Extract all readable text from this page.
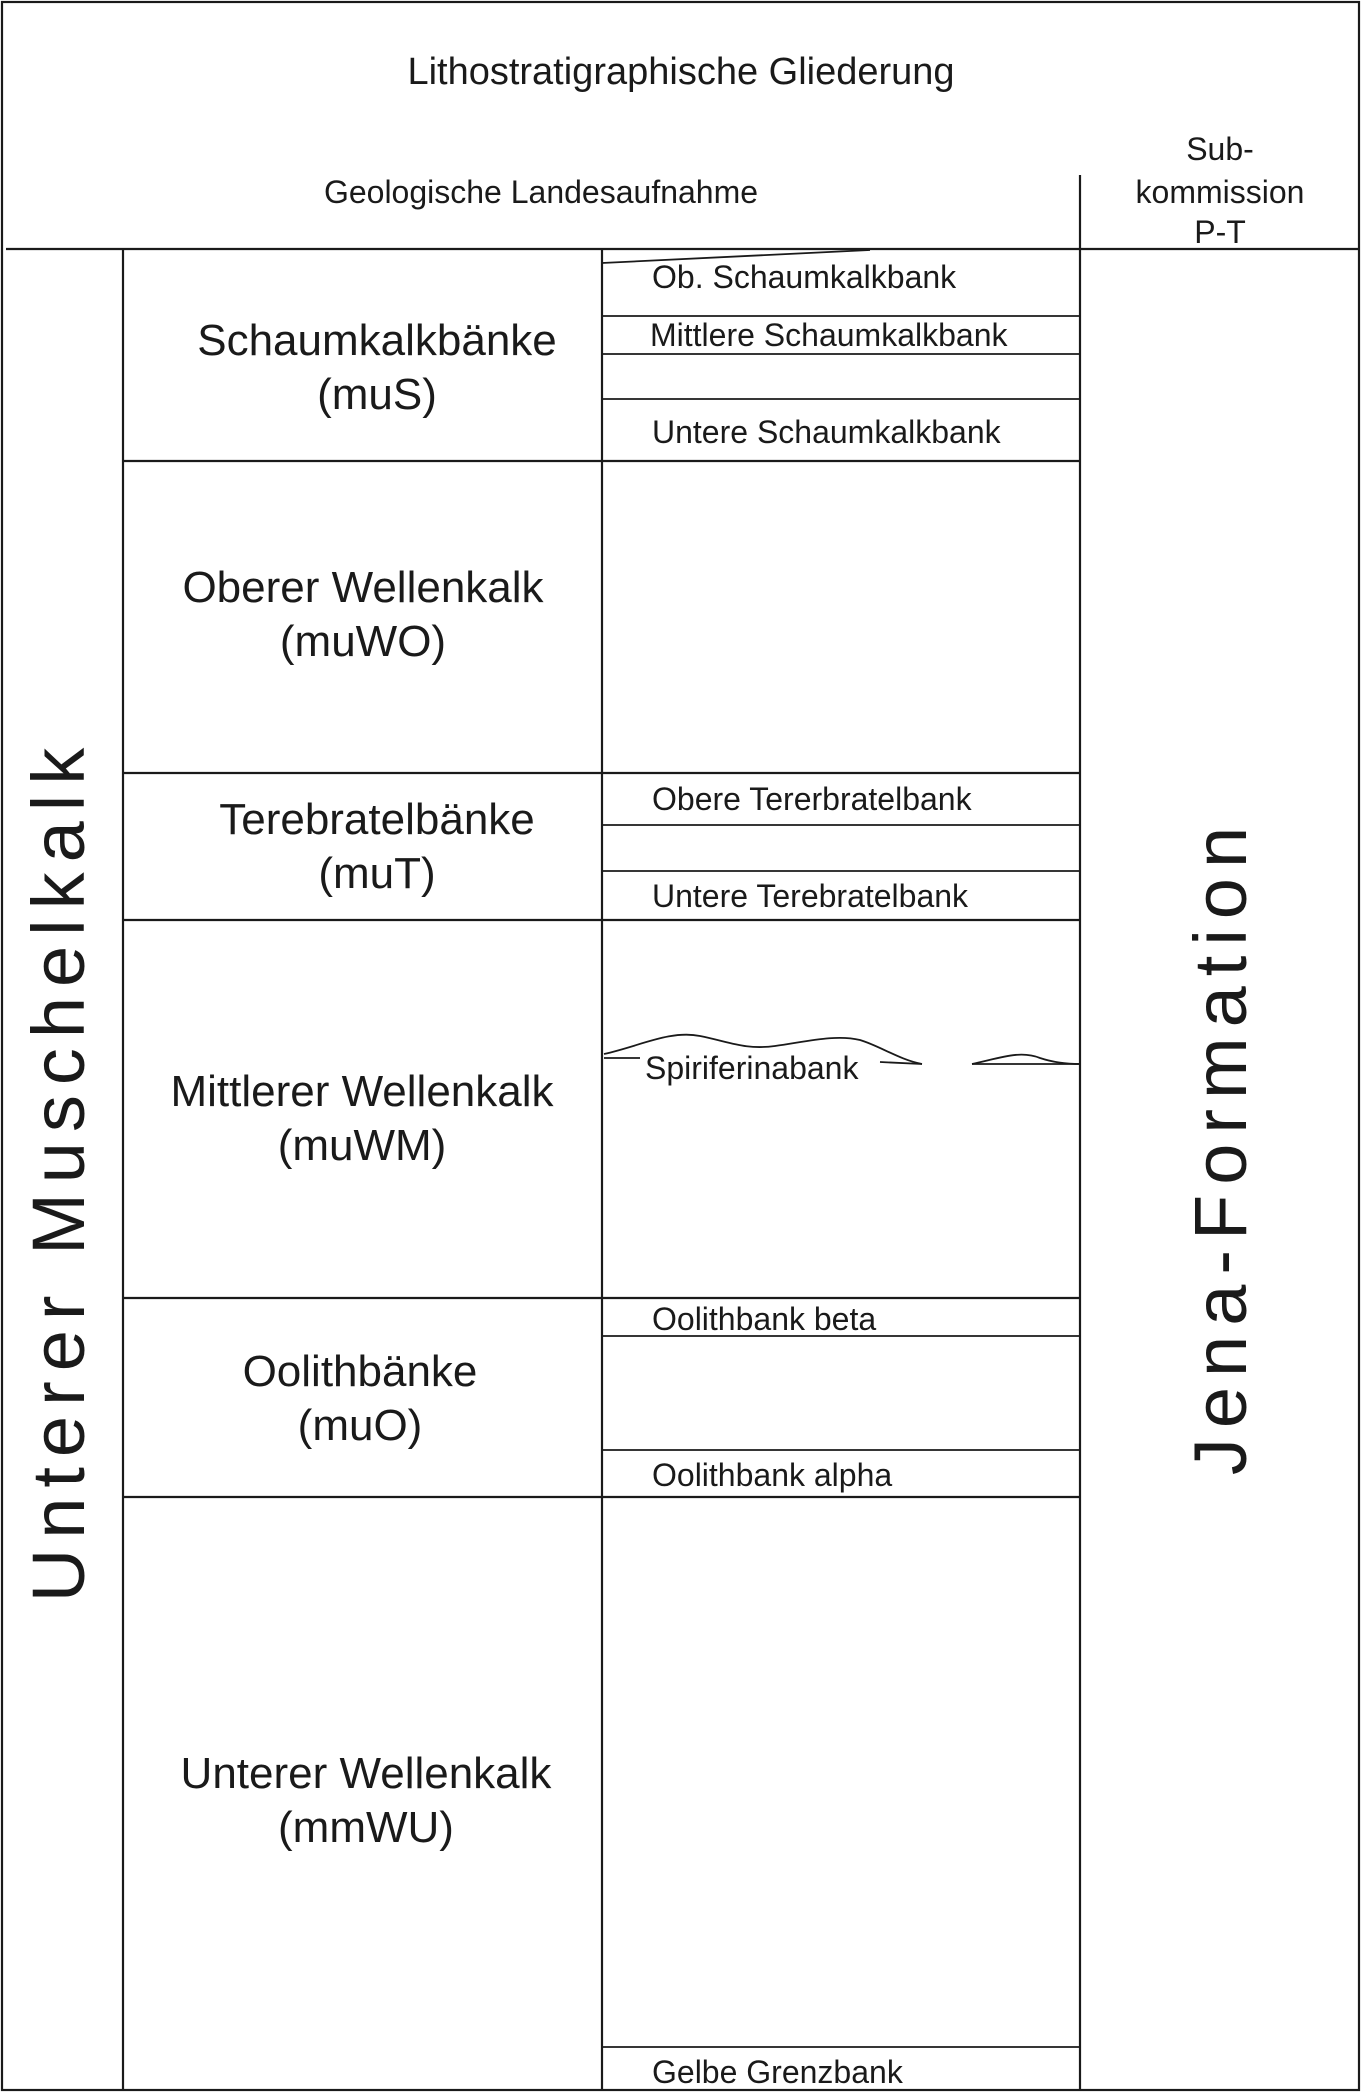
Lithostratigraphische Gliederung
Geologische Landesaufnahme
Sub-
kommission
P-T
Schaumkalkbänke
(muS)
Oberer Wellenkalk
(muWO)
Terebratelbänke
(muT)
Mittlerer Wellenkalk
(muWM)
Oolithbänke
(muO)
Unterer Wellenkalk
(mmWU)
Ob. Schaumkalkbank
Mittlere Schaumkalkbank
Untere Schaumkalkbank
Obere Tererbratelbank
Untere Terebratelbank
Spiriferinabank
Oolithbank beta
Oolithbank alpha
Gelbe Grenzbank
Unterer Muschelkalk	Jena-Formation
